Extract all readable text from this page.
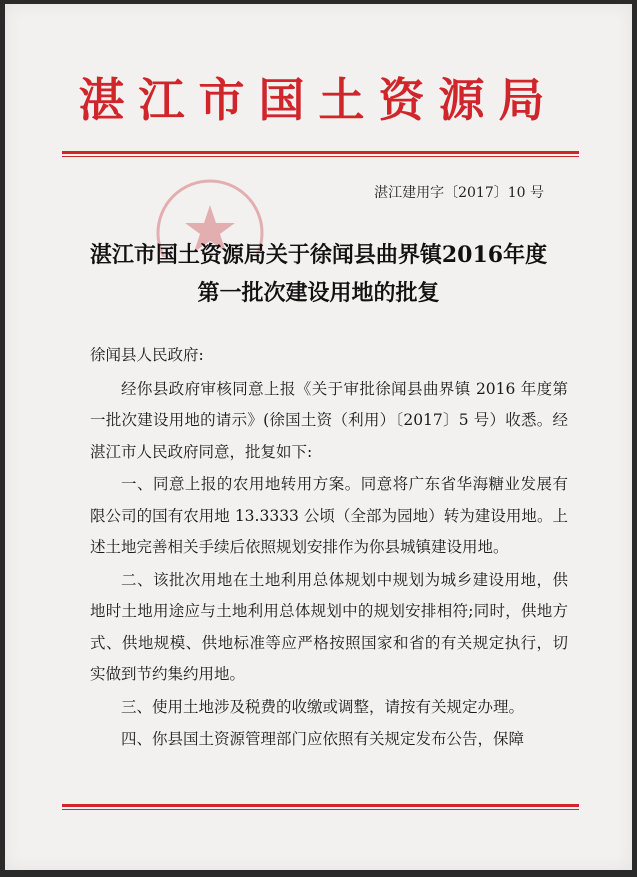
湛江市国土资源局
湛江建用字〔2017〕10 号
湛江市国土资源局关于徐闻县曲界镇2016年度
第一批次建设用地的批复

徐闻县人民政府:

经你县政府审核同意上报《关于审批徐闻县曲界镇 2016 年度第一批次建设用地的请示》(徐国土资（利用）〔2017〕5 号）收悉。经湛江市人民政府同意，批复如下:

一、同意上报的农用地转用方案。同意将广东省华海糖业发展有限公司的国有农用地 13.3333 公顷（全部为园地）转为建设用地。上述土地完善相关手续后依照规划安排作为你县城镇建设用地。

二、该批次用地在土地利用总体规划中规划为城乡建设用地，供地时土地用途应与土地利用总体规划中的规划安排相符;同时，供地方式、供地规模、供地标准等应严格按照国家和省的有关规定执行，切实做到节约集约用地。

三、使用土地涉及税费的收缴或调整，请按有关规定办理。

四、你县国土资源管理部门应依照有关规定发布公告，保障
